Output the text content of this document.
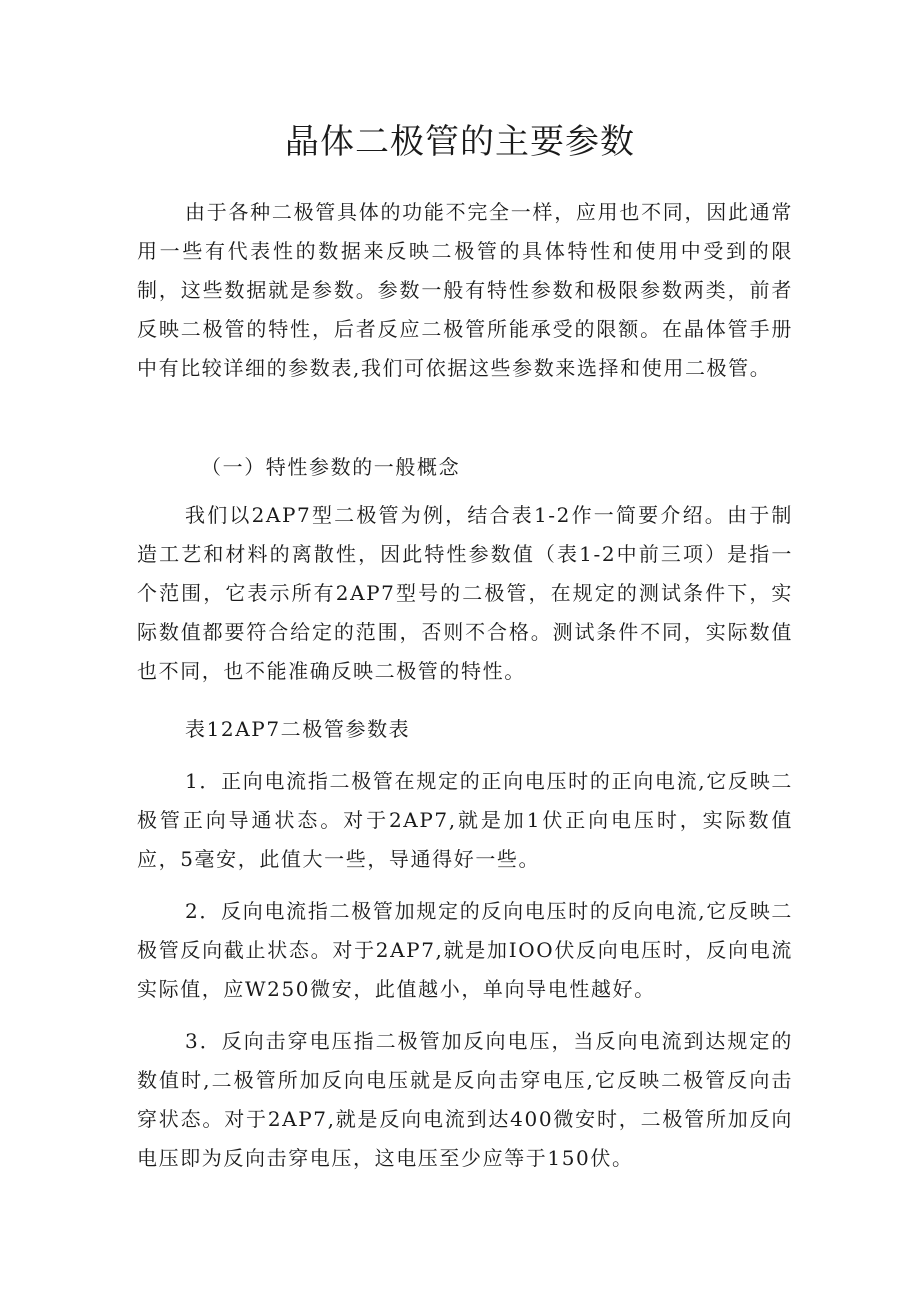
晶体二极管的主要参数

由于各种二极管具体的功能不完全一样，应用也不同，因此通常用一些有代表性的数据来反映二极管的具体特性和使用中受到的限制，这些数据就是参数。参数一般有特性参数和极限参数两类，前者反映二极管的特性，后者反应二极管所能承受的限额。在晶体管手册中有比较详细的参数表,我们可依据这些参数来选择和使用二极管。

（一）特性参数的一般概念

我们以2AP7型二极管为例，结合表1-2作一简要介绍。由于制造工艺和材料的离散性，因此特性参数值（表1-2中前三项）是指一个范围，它表示所有2AP7型号的二极管，在规定的测试条件下，实际数值都要符合给定的范围，否则不合格。测试条件不同，实际数值也不同，也不能准确反映二极管的特性。

表12AP7二极管参数表

1．正向电流指二极管在规定的正向电压时的正向电流,它反映二极管正向导通状态。对于2AP7,就是加1伏正向电压时，实际数值应，5毫安，此值大一些，导通得好一些。

2．反向电流指二极管加规定的反向电压时的反向电流,它反映二极管反向截止状态。对于2AP7,就是加IOO伏反向电压时，反向电流实际值，应W250微安，此值越小，单向导电性越好。

3．反向击穿电压指二极管加反向电压，当反向电流到达规定的数值时,二极管所加反向电压就是反向击穿电压,它反映二极管反向击穿状态。对于2AP7,就是反向电流到达400微安时，二极管所加反向电压即为反向击穿电压，这电压至少应等于150伏。
